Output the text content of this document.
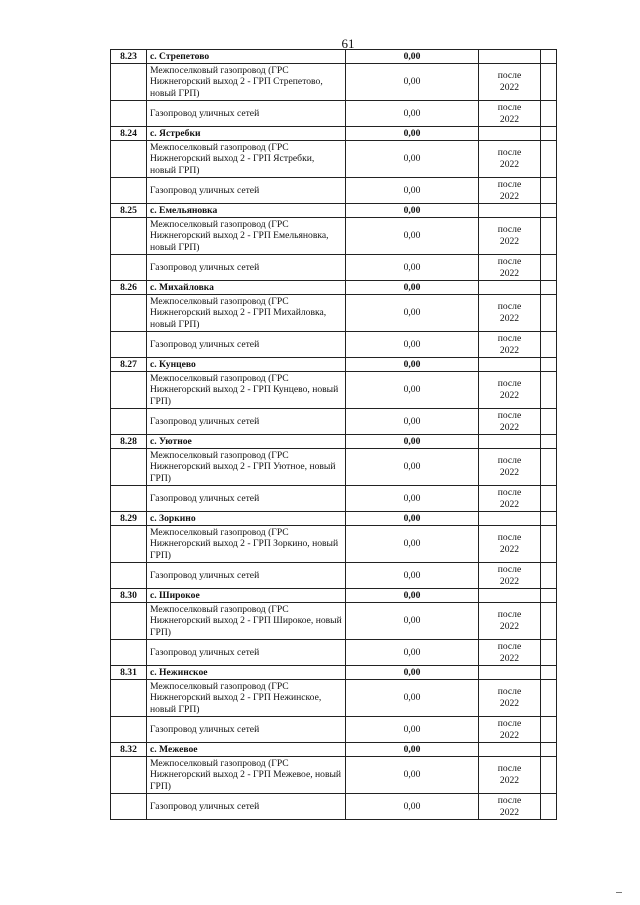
61
8.23	с. Стрепетово	0,00		
	Межпоселковый газопровод (ГРС Нижнегорский выход 2 - ГРП Стрепетово, новый ГРП)	0,00	после
2022	

	Газопровод уличных сетей	0,00	после
2022	

8.24	с. Ястребки	0,00		
	Межпоселковый газопровод (ГРС Нижнегорский выход 2 - ГРП Ястребки, новый ГРП)	0,00	после
2022	

	Газопровод уличных сетей	0,00	после
2022	

8.25	с. Емельяновка	0,00		
	Межпоселковый газопровод (ГРС Нижнегорский выход 2 - ГРП Емельяновка, новый ГРП)	0,00	после
2022	

	Газопровод уличных сетей	0,00	после
2022	

8.26	с. Михайловка	0,00		
	Межпоселковый газопровод (ГРС Нижнегорский выход 2 - ГРП Михайловка, новый ГРП)	0,00	после
2022	

	Газопровод уличных сетей	0,00	после
2022	

8.27	с. Кунцево	0,00		
	Межпоселковый газопровод (ГРС Нижнегорский выход 2 - ГРП Кунцево, новый ГРП)	0,00	после
2022	

	Газопровод уличных сетей	0,00	после
2022	

8.28	с. Уютное	0,00		
	Межпоселковый газопровод (ГРС Нижнегорский выход 2 - ГРП Уютное, новый ГРП)	0,00	после
2022	

	Газопровод уличных сетей	0,00	после
2022	

8.29	с. Зоркино	0,00		
	Межпоселковый газопровод (ГРС Нижнегорский выход 2 - ГРП Зоркино, новый ГРП)	0,00	после
2022	

	Газопровод уличных сетей	0,00	после
2022	

8.30	с. Широкое	0,00		
	Межпоселковый газопровод (ГРС Нижнегорский выход 2 - ГРП Широкое, новый ГРП)	0,00	после
2022	

	Газопровод уличных сетей	0,00	после
2022	

8.31	с. Нежинское	0,00		
	Межпоселковый газопровод (ГРС Нижнегорский выход 2 - ГРП Нежинское, новый ГРП)	0,00	после
2022	

	Газопровод уличных сетей	0,00	после
2022	

8.32	с. Межевое	0,00		
	Межпоселковый газопровод (ГРС Нижнегорский выход 2 - ГРП Межевое, новый ГРП)	0,00	после
2022	

	Газопровод уличных сетей	0,00	после
2022	
